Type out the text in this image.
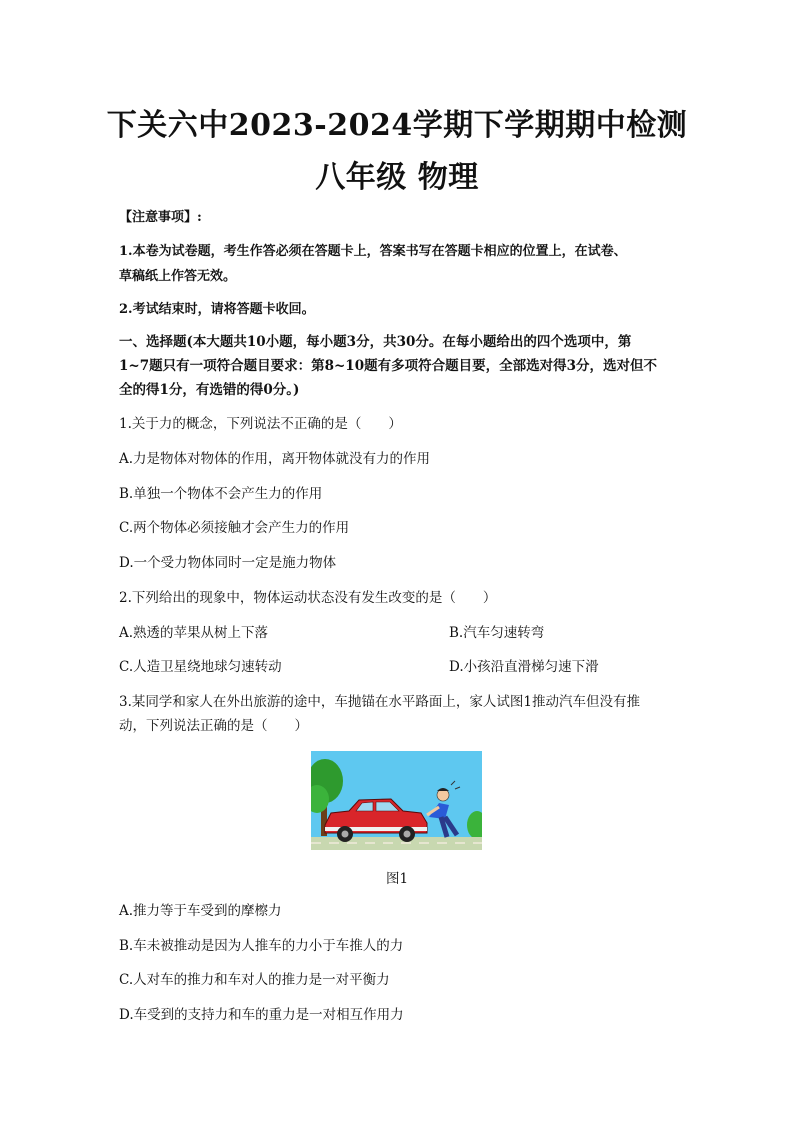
下关六中2023-2024学期下学期期中检测
八年级 物理
【注意事项】:
1.本卷为试卷题，考生作答必须在答题卡上，答案书写在答题卡相应的位置上，在试卷、
草稿纸上作答无效。
2.考试结束时，请将答题卡收回。
一、选择题(本大题共10小题，每小题3分，共30分。在每小题给出的四个选项中，第
1~7题只有一项符合题目要求：第8~10题有多项符合题目要，全部选对得3分，选对但不
全的得1分，有选错的得0分。)
1.关于力的概念，下列说法不正确的是（　　）
A.力是物体对物体的作用，离开物体就没有力的作用
B.单独一个物体不会产生力的作用
C.两个物体必须接触才会产生力的作用
D.一个受力物体同时一定是施力物体
2.下列给出的现象中，物体运动状态没有发生改变的是（　　）
A.熟透的苹果从树上下落	B.汽车匀速转弯
C.人造卫星绕地球匀速转动	D.小孩沿直滑梯匀速下滑
3.某同学和家人在外出旅游的途中，车抛锚在水平路面上，家人试图1推动汽车但没有推
动，下列说法正确的是（　　）
图1
A.推力等于车受到的摩檫力
B.车未被推动是因为人推车的力小于车推人的力
C.人对车的推力和车对人的推力是一对平衡力
D.车受到的支持力和车的重力是一对相互作用力
